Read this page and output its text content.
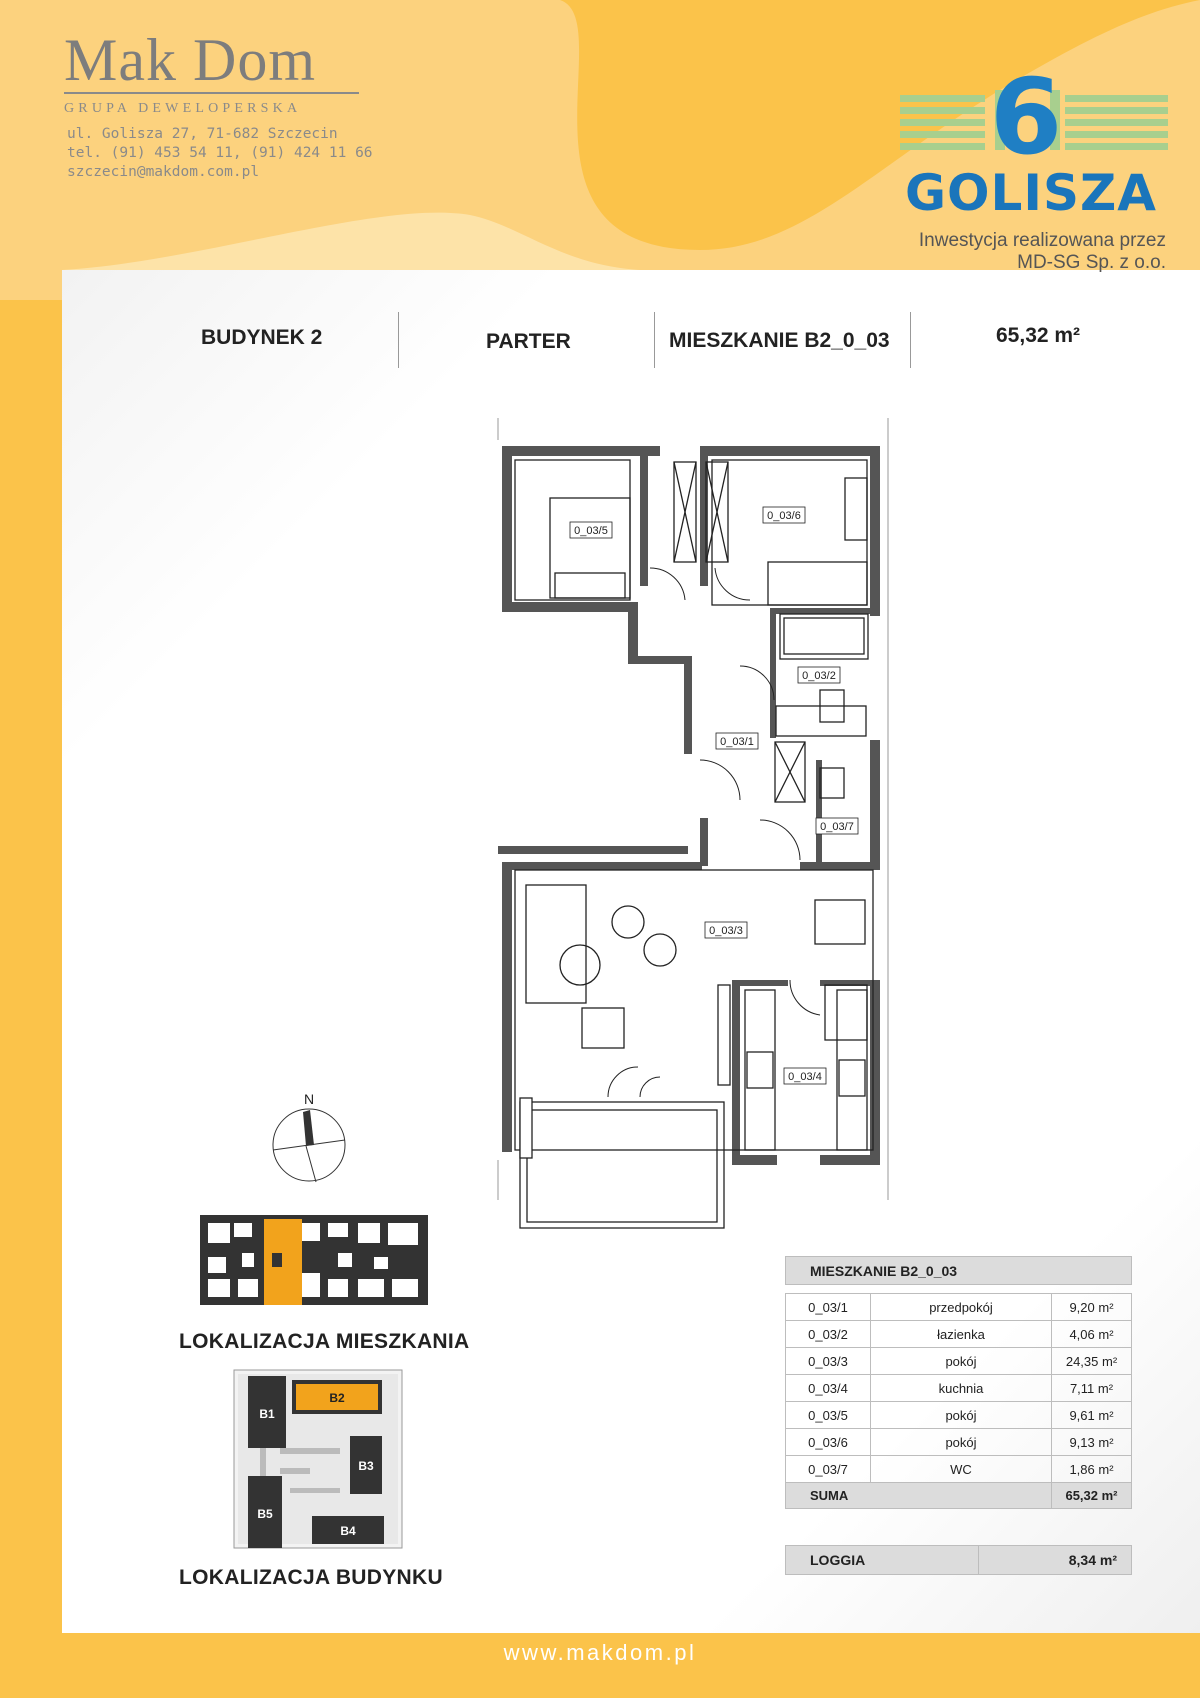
Mak Dom
GRUPA DEWELOPERSKA
ul. Golisza 27, 71-682 Szczecin
tel. (91) 453 54 11, (91) 424 11 66
szczecin@makdom.com.pl	6
GOLISZA
Inwestycja realizowana przez
MD-SG Sp. z o.o.
BUDYNEK 2	PARTER	MIESZKANIE B2_0_03	65,32 m²
0_03/5
0_03/6
0_03/2
0_03/1
0_03/7
0_03/3
0_03/4
N
LOKALIZACJA MIESZKANIA
B1
B2
B3
B4
B5
LOKALIZACJA BUDYNKU
MIESZKANIE B2_0_03		

0_03/1	przedpokój	9,20 m²
0_03/2	łazienka	4,06 m²
0_03/3	pokój	24,35 m²
0_03/4	kuchnia	7,11 m²
0_03/5	pokój	9,61 m²
0_03/6	pokój	9,13 m²
0_03/7	WC	1,86 m²
SUMA		65,32 m²
LOGGIA	8,34 m²
www.makdom.pl
